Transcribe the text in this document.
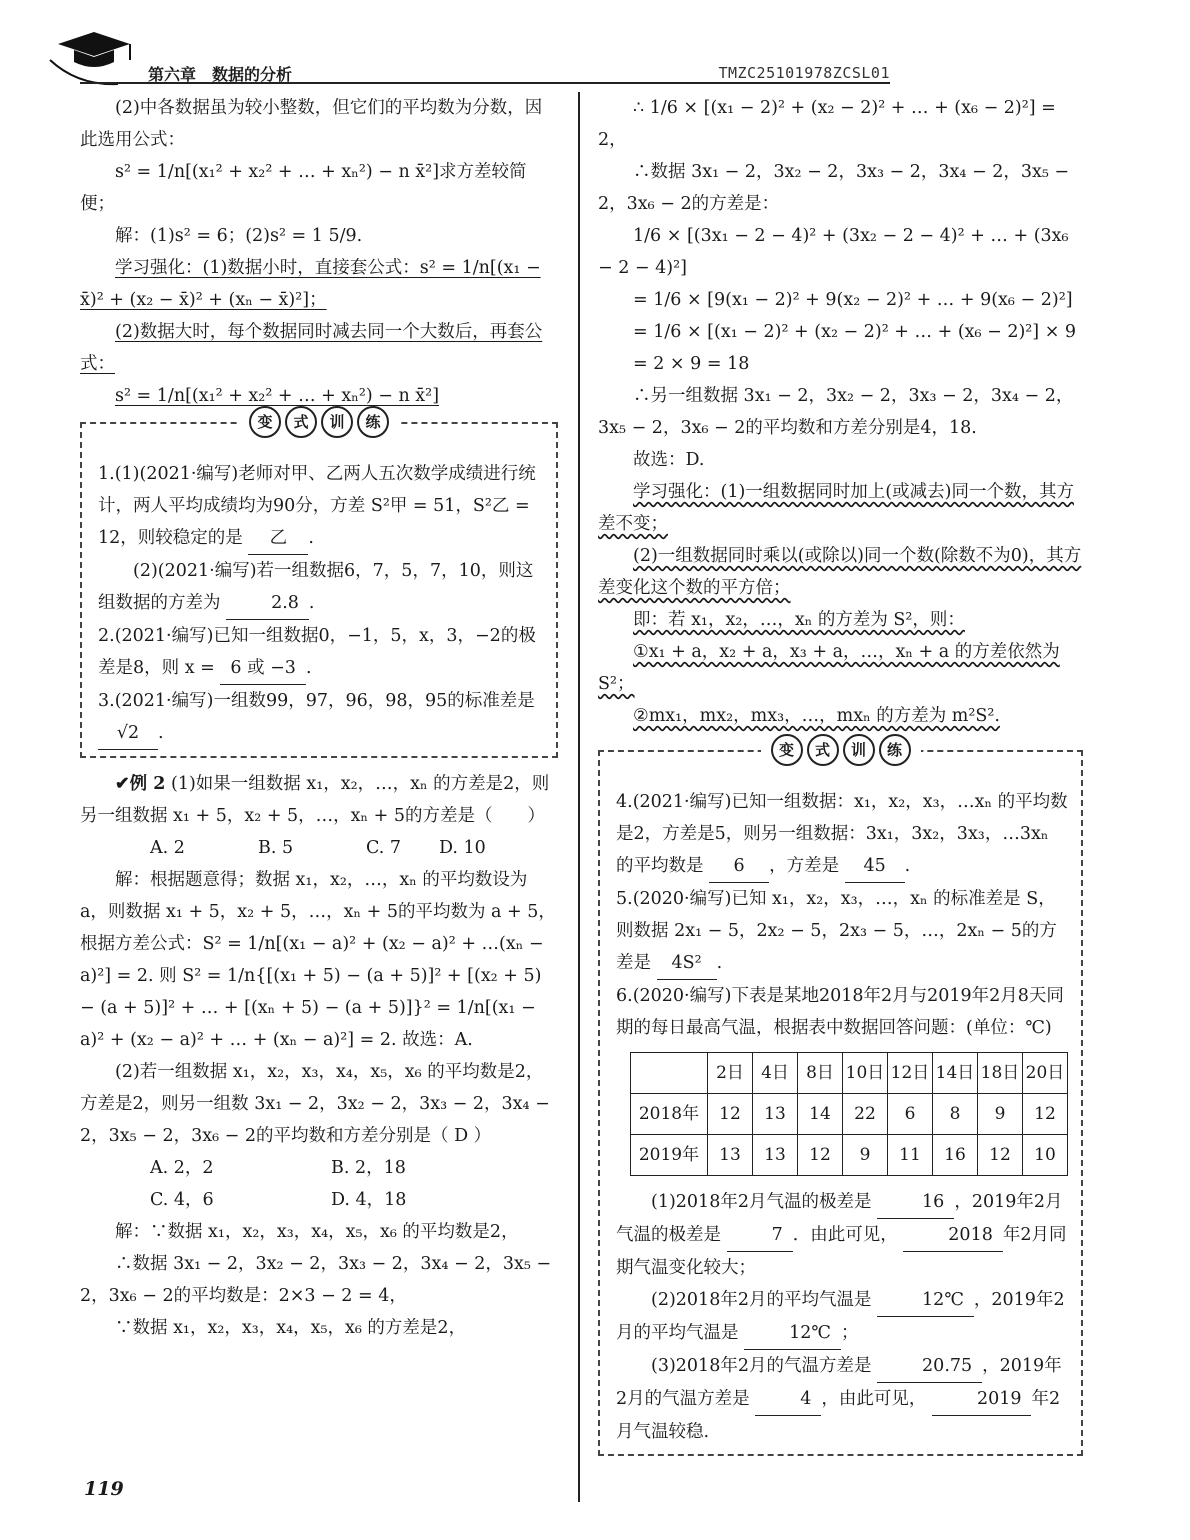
第六章　数据的分析	TMZC25101978ZCSL01

(2)中各数据虽为较小整数，但它们的平均数为分数，因此选用公式：

s² = 1/n[(x₁² + x₂² + … + xₙ²) − n x̄²]求方差较简便；

解：(1)s² = 6；(2)s² = 1 5/9.

学习强化：(1)数据小时，直接套公式：s² = 1/n[(x₁ − x̄)² + (x₂ − x̄)² + (xₙ − x̄)²]；

(2)数据大时，每个数据同时减去同一个大数后，再套公式：

s² = 1/n[(x₁² + x₂² + … + xₙ²) − n x̄²]

变 式 训 练

1.(1)(2021·编写)老师对甲、乙两人五次数学成绩进行统计，两人平均成绩均为90分，方差 S²甲 = 51，S²乙 = 12，则较稳定的是 乙 .

(2)(2021·编写)若一组数据6，7，5，7，10，则这组数据的方差为	2.8 .

2.(2021·编写)已知一组数据0，−1，5，x，3，−2的极差是8，则 x = 6 或 −3 .

3.(2021·编写)一组数99，97，96，98，95的标准差是 √2 .

✔例 2 (1)如果一组数据 x₁，x₂，…，xₙ 的方差是2，则另一组数据 x₁ + 5，x₂ + 5，…，xₙ + 5的方差是（　　）

A. 2	B. 5	C. 7 D. 10

解：根据题意得；数据 x₁，x₂，…，xₙ 的平均数设为 a，则数据 x₁ + 5，x₂ + 5，…，xₙ + 5的平均数为 a + 5，根据方差公式：S² = 1/n[(x₁ − a)² + (x₂ − a)² + …(xₙ − a)²] = 2. 则 S² = 1/n{[(x₁ + 5) − (a + 5)]² + [(x₂ + 5) − (a + 5)]² + … + [(xₙ + 5) − (a + 5)]}² = 1/n[(x₁ − a)² + (x₂ − a)² + … + (xₙ − a)²] = 2. 故选：A.

(2)若一组数据 x₁，x₂，x₃，x₄，x₅，x₆ 的平均数是2，方差是2，则另一组数 3x₁ − 2，3x₂ − 2，3x₃ − 2，3x₄ − 2，3x₅ − 2，3x₆ − 2的平均数和方差分别是（ D ）

A. 2，2	B. 2，18

C. 4，6	D. 4，18

解：∵数据 x₁，x₂，x₃，x₄，x₅，x₆ 的平均数是2，

∴数据 3x₁ − 2，3x₂ − 2，3x₃ − 2，3x₄ − 2，3x₅ − 2，3x₆ − 2的平均数是：2×3 − 2 = 4，

∵数据 x₁，x₂，x₃，x₄，x₅，x₆ 的方差是2，

∴ 1/6 × [(x₁ − 2)² + (x₂ − 2)² + … + (x₆ − 2)²] = 2，

∴数据 3x₁ − 2，3x₂ − 2，3x₃ − 2，3x₄ − 2，3x₅ − 2，3x₆ − 2的方差是：

1/6 × [(3x₁ − 2 − 4)² + (3x₂ − 2 − 4)² + … + (3x₆ − 2 − 4)²]

= 1/6 × [9(x₁ − 2)² + 9(x₂ − 2)² + … + 9(x₆ − 2)²]

= 1/6 × [(x₁ − 2)² + (x₂ − 2)² + … + (x₆ − 2)²] × 9

= 2 × 9 = 18

∴另一组数据 3x₁ − 2，3x₂ − 2，3x₃ − 2，3x₄ − 2，3x₅ − 2，3x₆ − 2的平均数和方差分别是4，18.

故选：D.

学习强化：(1)一组数据同时加上(或减去)同一个数，其方差不变；

(2)一组数据同时乘以(或除以)同一个数(除数不为0)，其方差变化这个数的平方倍；

即：若 x₁，x₂，…，xₙ 的方差为 S²，则：

①x₁ + a，x₂ + a，x₃ + a，…，xₙ + a 的方差依然为 S²；

②mx₁，mx₂，mx₃，…，mxₙ 的方差为 m²S².

变 式 训 练

4.(2021·编写)已知一组数据：x₁，x₂，x₃，…xₙ 的平均数是2，方差是5，则另一组数据：3x₁，3x₂，3x₃，…3xₙ 的平均数是 6 ，方差是 45 .

5.(2020·编写)已知 x₁，x₂，x₃，…，xₙ 的标准差是 S，则数据 2x₁ − 5，2x₂ − 5，2x₃ − 5，…，2xₙ − 5的方差是 4S² .

6.(2020·编写)下表是某地2018年2月与2019年2月8天同期的每日最高气温，根据表中数据回答问题：(单位：℃)

	2日	4日	8日	10日	12日	14日	18日	20日
2018年	12	13	14	22	6	8	9	12
2019年	13	13	12	9	11	16	12	10

(1)2018年2月气温的极差是	16 ，2019年2月气温的极差是	7 ．由此可见，	2018 年2月同期气温变化较大；

(2)2018年2月的平均气温是	12℃ ，2019年2月的平均气温是	12℃ ；

(3)2018年2月的气温方差是	20.75 ，2019年2月的气温方差是	4 ，由此可见，	2019 年2月气温较稳.

119
